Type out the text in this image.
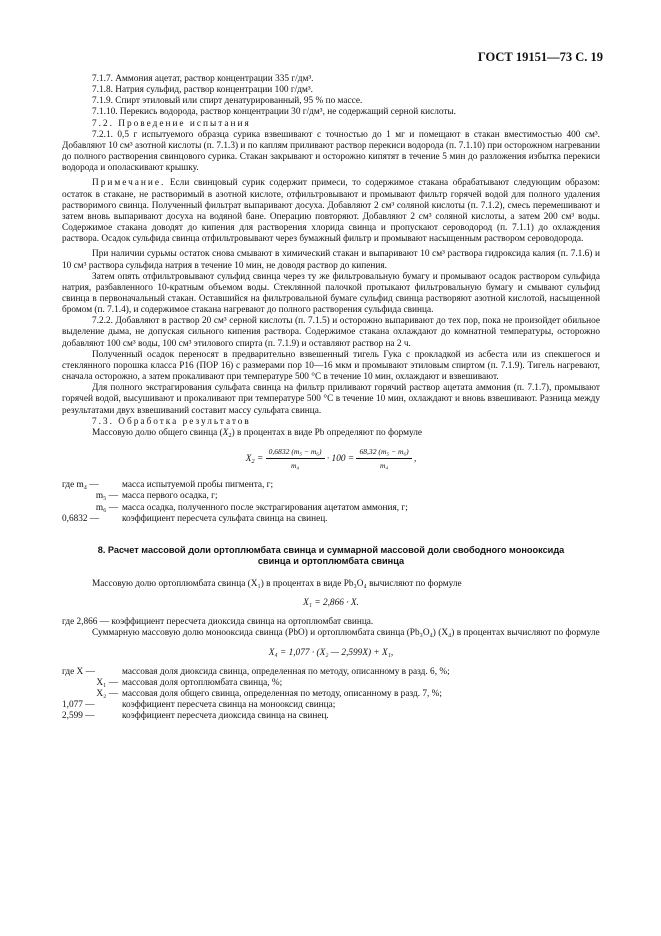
ГОСТ 19151—73 С. 19

7.1.7. Аммония ацетат, раствор концентрации 335 г/дм³.

7.1.8. Натрия сульфид, раствор концентрации 100 г/дм³.

7.1.9. Спирт этиловый или спирт денатурированный, 95 % по массе.

7.1.10. Перекись водорода, раствор концентрации 30 г/дм³, не содержащий серной кислоты.

7.2. Проведение испытания

7.2.1. 0,5 г испытуемого образца сурика взвешивают с точностью до 1 мг и помещают в стакан вместимостью 400 см³. Добавляют 10 см³ азотной кислоты (п. 7.1.3) и по каплям приливают раствор перекиси водорода (п. 7.1.10) при осторожном нагревании до полного растворения свинцового сурика. Стакан закрывают и осторожно кипятят в течение 5 мин до разложения избытка перекиси водорода и ополаскивают крышку.

Примечание. Если свинцовый сурик содержит примеси, то содержимое стакана обрабатывают следующим образом: остаток в стакане, не растворимый в азотной кислоте, отфильтровывают и промывают фильтр горячей водой для полного удаления растворимого свинца. Полученный фильтрат выпаривают досуха. Добавляют 2 см³ соляной кислоты (п. 7.1.2), смесь перемешивают и затем вновь выпаривают досуха на водяной бане. Операцию повторяют. Добавляют 2 см³ соляной кислоты, а затем 200 см³ воды. Содержимое стакана доводят до кипения для растворения хлорида свинца и пропускают сероводород (п. 7.1.1) до охлаждения раствора. Осадок сульфида свинца отфильтровывают через бумажный фильтр и промывают насыщенным раствором сероводорода.

При наличии сурьмы остаток снова смывают в химический стакан и выпаривают 10 см³ раствора гидроксида калия (п. 7.1.6) и 10 см³ раствора сульфида натрия в течение 10 мин, не доводя раствор до кипения.

Затем опять отфильтровывают сульфид свинца через ту же фильтровальную бумагу и промывают осадок раствором сульфида натрия, разбавленного 10-кратным объемом воды. Стеклянной палочкой протыкают фильтровальную бумагу и смывают сульфид свинца в первоначальный стакан. Оставшийся на фильтровальной бумаге сульфид свинца растворяют азотной кислотой, насыщенной бромом (п. 7.1.4), и содержимое стакана нагревают до полного растворения сульфида свинца.

7.2.2. Добавляют в раствор 20 см³ серной кислоты (п. 7.1.5) и осторожно выпаривают до тех пор, пока не произойдет обильное выделение дыма, не допуская сильного кипения раствора. Содержимое стакана охлаждают до комнатной температуры, осторожно добавляют 100 см³ воды, 100 см³ этилового спирта (п. 7.1.9) и оставляют раствор на 2 ч.

Полученный осадок переносят в предварительно взвешенный тигель Гука с прокладкой из асбеста или из спекшегося и стеклянного порошка класса Р16 (ПОР 16) с размерами пор 10—16 мкм и промывают этиловым спиртом (п. 7.1.9). Тигель нагревают, сначала осторожно, а затем прокаливают при температуре 500 °С в течение 10 мин, охлаждают и взвешивают.

Для полного экстрагирования сульфата свинца на фильтр приливают горячий раствор ацетата аммония (п. 7.1.7), промывают горячей водой, высушивают и прокаливают при температуре 500 °С в течение 10 мин, охлаждают и вновь взвешивают. Разница между результатами двух взвешиваний составит массу сульфата свинца.

7.3. Обработка результатов

Массовую долю общего свинца $(X_2)$ в процентах в виде Pb определяют по формуле

$X_2 = \frac{\text{0,6832 (m₅ − m₆)}}{\text{m₄}} \cdot 100 = \frac{\text{68,32 (m₅ − m₆)}}{\text{m₄}}$ ,
где m₄ —	масса испытуемой пробы пигмента, г;
m₅ — масса первого осадка, г;
m₆ — масса осадка, полученного после экстрагирования ацетатом аммония, г;
0,6832 —	коэффициент пересчета сульфата свинца на свинец.
8. Расчет массовой доли ортоплюмбата свинца и суммарной массовой доли свободного монооксида свинца и ортоплюмбата свинца

Массовую долю ортоплюмбата свинца (X₁) в процентах в виде Pb₃O₄ вычисляют по формуле

X₁ = 2,866 · X.

где 2,866 — коэффициент пересчета диоксида свинца на ортоплюмбат свинца.

Суммарную массовую долю монооксида свинца (PbO) и ортоплюмбата свинца (Pb₃O₄) (X₄) в процентах вычисляют по формуле

X₄ = 1,077 · (X₂ — 2,599X) + X₁,
где X —	массовая доля диоксида свинца, определенная по методу, описанному в разд. 6, %;
X₁ — массовая доля ортоплюмбата свинца, %;
X₂ — массовая доля общего свинца, определенная по методу, описанному в разд. 7, %;
1,077 —	коэффициент пересчета свинца на монооксид свинца;
2,599 —	коэффициент пересчета диоксида свинца на свинец.
